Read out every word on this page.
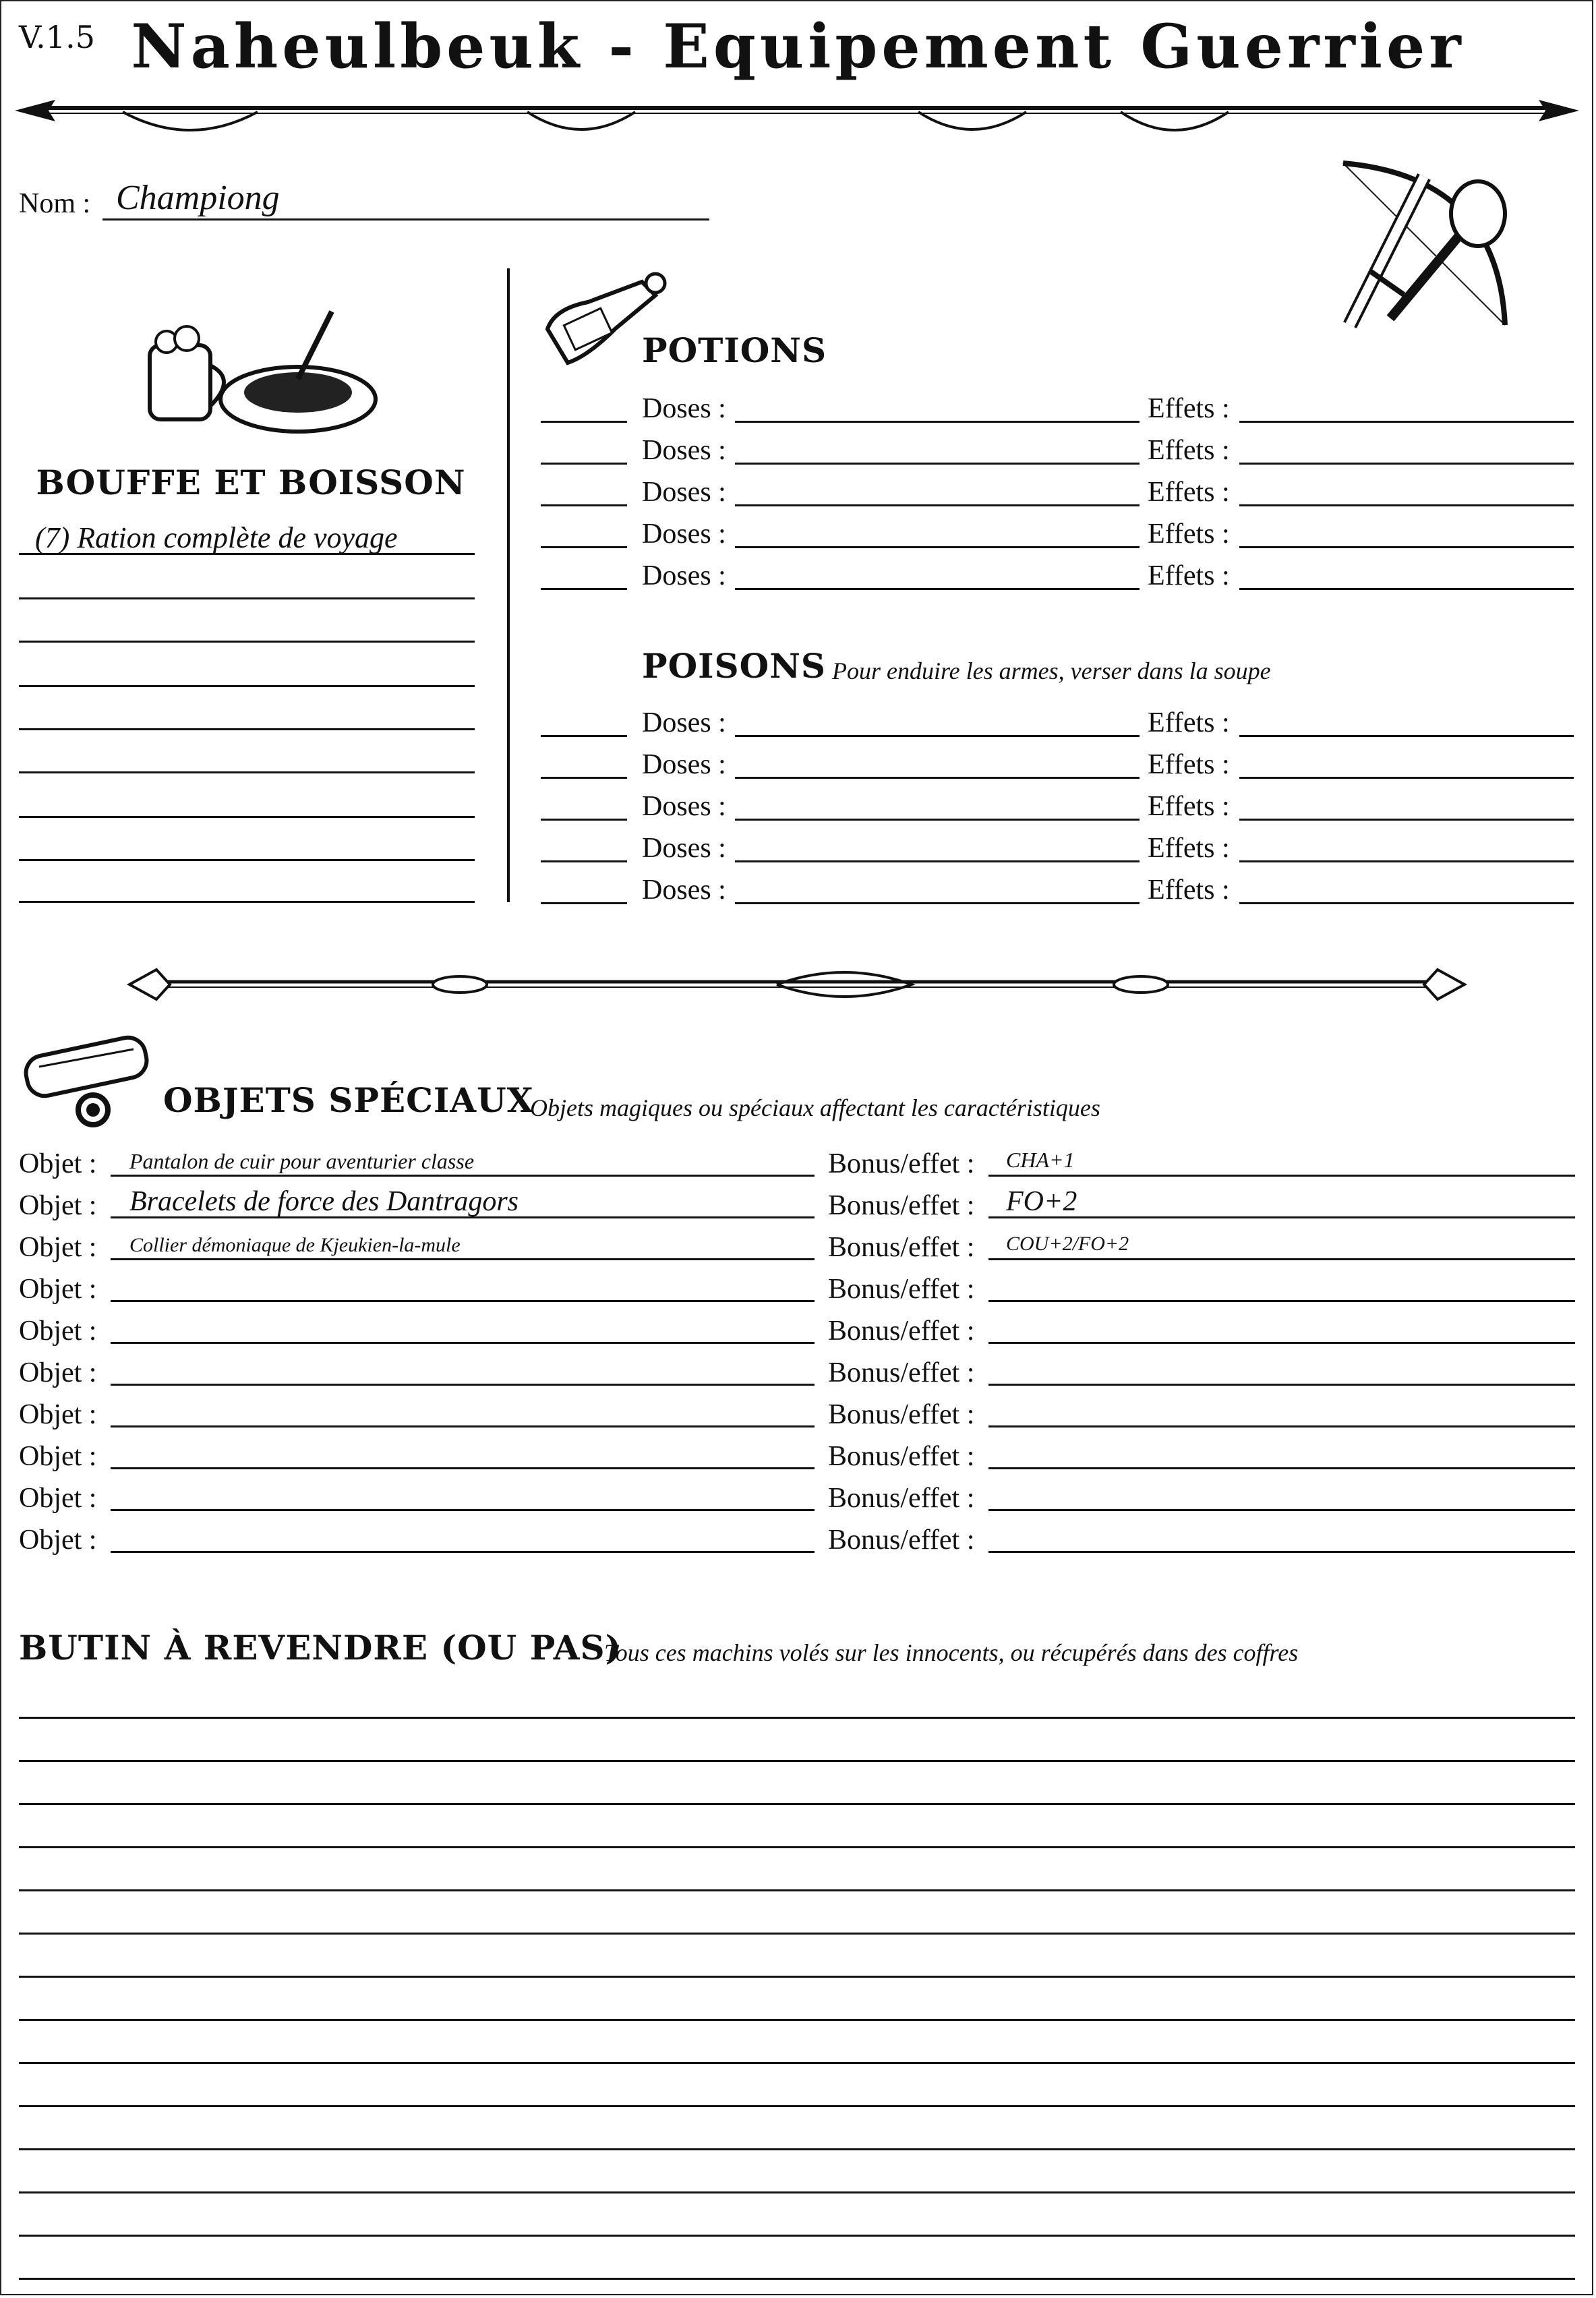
V.1.5 Naheulbeuk - Equipement Guerrier
Nom : Championg
BOUFFE ET BOISSON
(7) Ration complète de voyage
POTIONS
Doses :	Effets :
Doses :	Effets :
Doses :	Effets :
Doses :	Effets :
Doses :	Effets :
POISONS Pour enduire les armes, verser dans la soupe
Doses :	Effets :
Doses :	Effets :
Doses :	Effets :
Doses :	Effets :
Doses :	Effets :
OBJETS SPÉCIAUX
Objets magiques ou spéciaux affectant les caractéristiques
Objet : Pantalon de cuir pour aventurier classe	Bonus/effet : CHA+1
Objet : Bracelets de force des Dantragors	Bonus/effet : FO+2
Objet : Collier démoniaque de Kjeukien-la-mule	Bonus/effet : COU+2/FO+2
Objet :	Bonus/effet :
Objet :	Bonus/effet :
Objet :	Bonus/effet :
Objet :	Bonus/effet :
Objet :	Bonus/effet :
Objet :	Bonus/effet :
Objet :	Bonus/effet :
BUTIN À REVENDRE (OU PAS)
Tous ces machins volés sur les innocents, ou récupérés dans des coffres
